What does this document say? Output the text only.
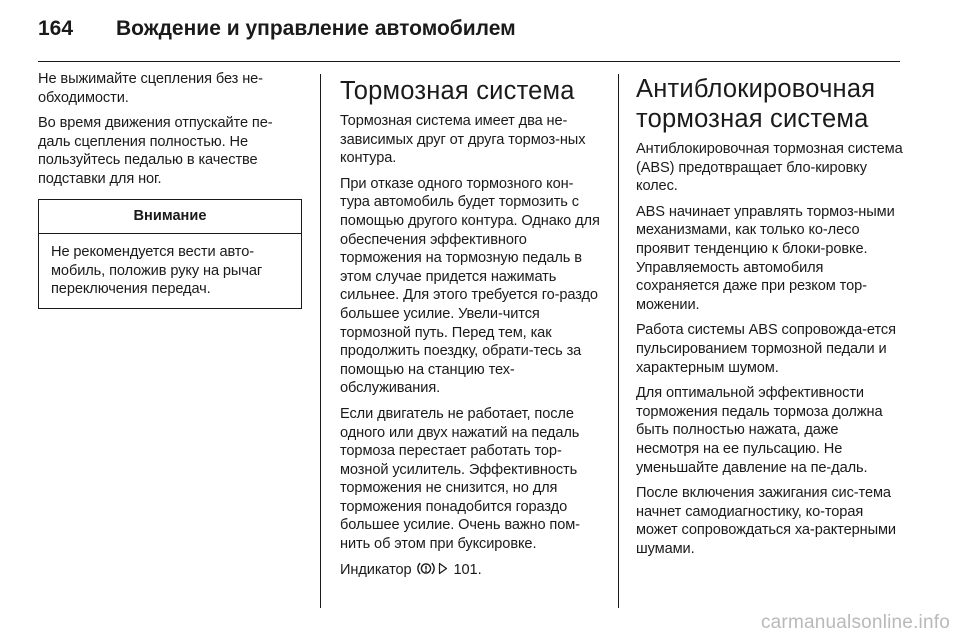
164 Вождение и управление автомобилем

Не выжимайте сцепления без не-обходимости.

Во время движения отпускайте пе-даль сцепления полностью. Не пользуйтесь педалью в качестве подставки для ног.

Внимание
Не рекомендуется вести авто-мобиль, положив руку на рычаг переключения передач.
Тормозная система

Тормозная система имеет два не-зависимых друг от друга тормоз-ных контура.

При отказе одного тормозного кон-тура автомобиль будет тормозить с помощью другого контура. Однако для обеспечения эффективного торможения на тормозную педаль в этом случае придется нажимать сильнее. Для этого требуется го-раздо большее усилие. Увели-чится тормозной путь. Перед тем, как продолжить поездку, обрати-тесь за помощью на станцию тех-обслуживания.

Если двигатель не работает, после одного или двух нажатий на педаль тормоза перестает работать тор-мозной усилитель. Эффективность торможения не снизится, но для торможения понадобится гораздо большее усилие. Очень важно пом-нить об этом при буксировке.

Индикатор	101.

Антиблокировочная тормозная система

Антиблокировочная тормозная система (ABS) предотвращает бло-кировку колес.

ABS начинает управлять тормоз-ными механизмами, как только ко-лесо проявит тенденцию к блоки-ровке. Управляемость автомобиля сохраняется даже при резком тор-можении.

Работа системы ABS сопровожда-ется пульсированием тормозной педали и характерным шумом.

Для оптимальной эффективности торможения педаль тормоза должна быть полностью нажата, даже несмотря на ее пульсацию. Не уменьшайте давление на пе-даль.

После включения зажигания сис-тема начнет самодиагностику, ко-торая может сопровождаться ха-рактерными шумами.

carmanualsonline.info
